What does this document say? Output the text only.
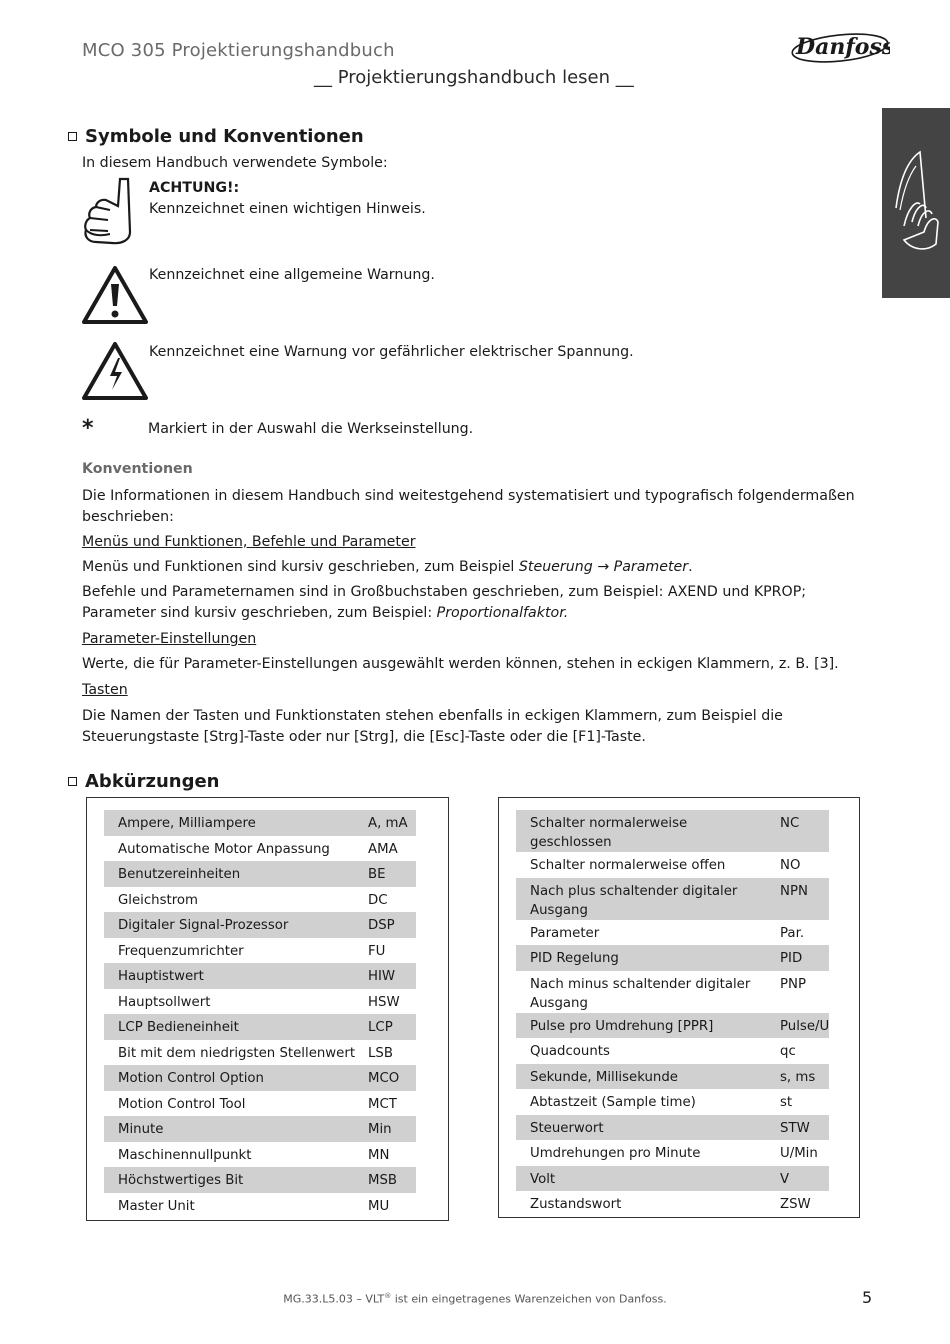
MCO 305 Projektierungshandbuch
__ Projektierungshandbuch lesen __
Danfoss
Symbole und Konventionen
In diesem Handbuch verwendete Symbole:
ACHTUNG!:
Kennzeichnet einen wichtigen Hinweis.
Kennzeichnet eine allgemeine Warnung.
Kennzeichnet eine Warnung vor gefährlicher elektrischer Spannung.
*	Markiert in der Auswahl die Werkseinstellung.
Konventionen
Die Informationen in diesem Handbuch sind weitestgehend systematisiert und typografisch folgendermaßen beschrieben:
Menüs und Funktionen, Befehle und Parameter
Menüs und Funktionen sind kursiv geschrieben, zum Beispiel Steuerung → Parameter.
Befehle und Parameternamen sind in Großbuchstaben geschrieben, zum Beispiel: AXEND und KPROP;
Parameter sind kursiv geschrieben, zum Beispiel: Proportionalfaktor.
Parameter-Einstellungen
Werte, die für Parameter-Einstellungen ausgewählt werden können, stehen in eckigen Klammern, z. B. [3].
Tasten
Die Namen der Tasten und Funktionstaten stehen ebenfalls in eckigen Klammern, zum Beispiel die
Steuerungstaste [Strg]-Taste oder nur [Strg], die [Esc]-Taste oder die [F1]-Taste.
Abkürzungen
Ampere, Milliampere	A, mA
Automatische Motor Anpassung	AMA
Benutzereinheiten	BE
Gleichstrom	DC
Digitaler Signal-Prozessor	DSP
Frequenzumrichter	FU
Hauptistwert	HIW
Hauptsollwert	HSW
LCP Bedieneinheit	LCP
Bit mit dem niedrigsten Stellenwert	LSB
Motion Control Option	MCO
Motion Control Tool	MCT
Minute	Min
Maschinennullpunkt	MN
Höchstwertiges Bit	MSB
Master Unit	MU
Schalter normalerweise geschlossen	NC
Schalter normalerweise offen	NO
Nach plus schaltender digitaler Ausgang	NPN
Parameter	Par.
PID Regelung	PID
Nach minus schaltender digitaler Ausgang	PNP
Pulse pro Umdrehung [PPR]	Pulse/U
Quadcounts	qc
Sekunde, Millisekunde	s, ms
Abtastzeit (Sample time)	st
Steuerwort	STW
Umdrehungen pro Minute	U/Min
Volt	V
Zustandswort	ZSW
MG.33.L5.03 – VLT® ist ein eingetragenes Warenzeichen von Danfoss.	5
